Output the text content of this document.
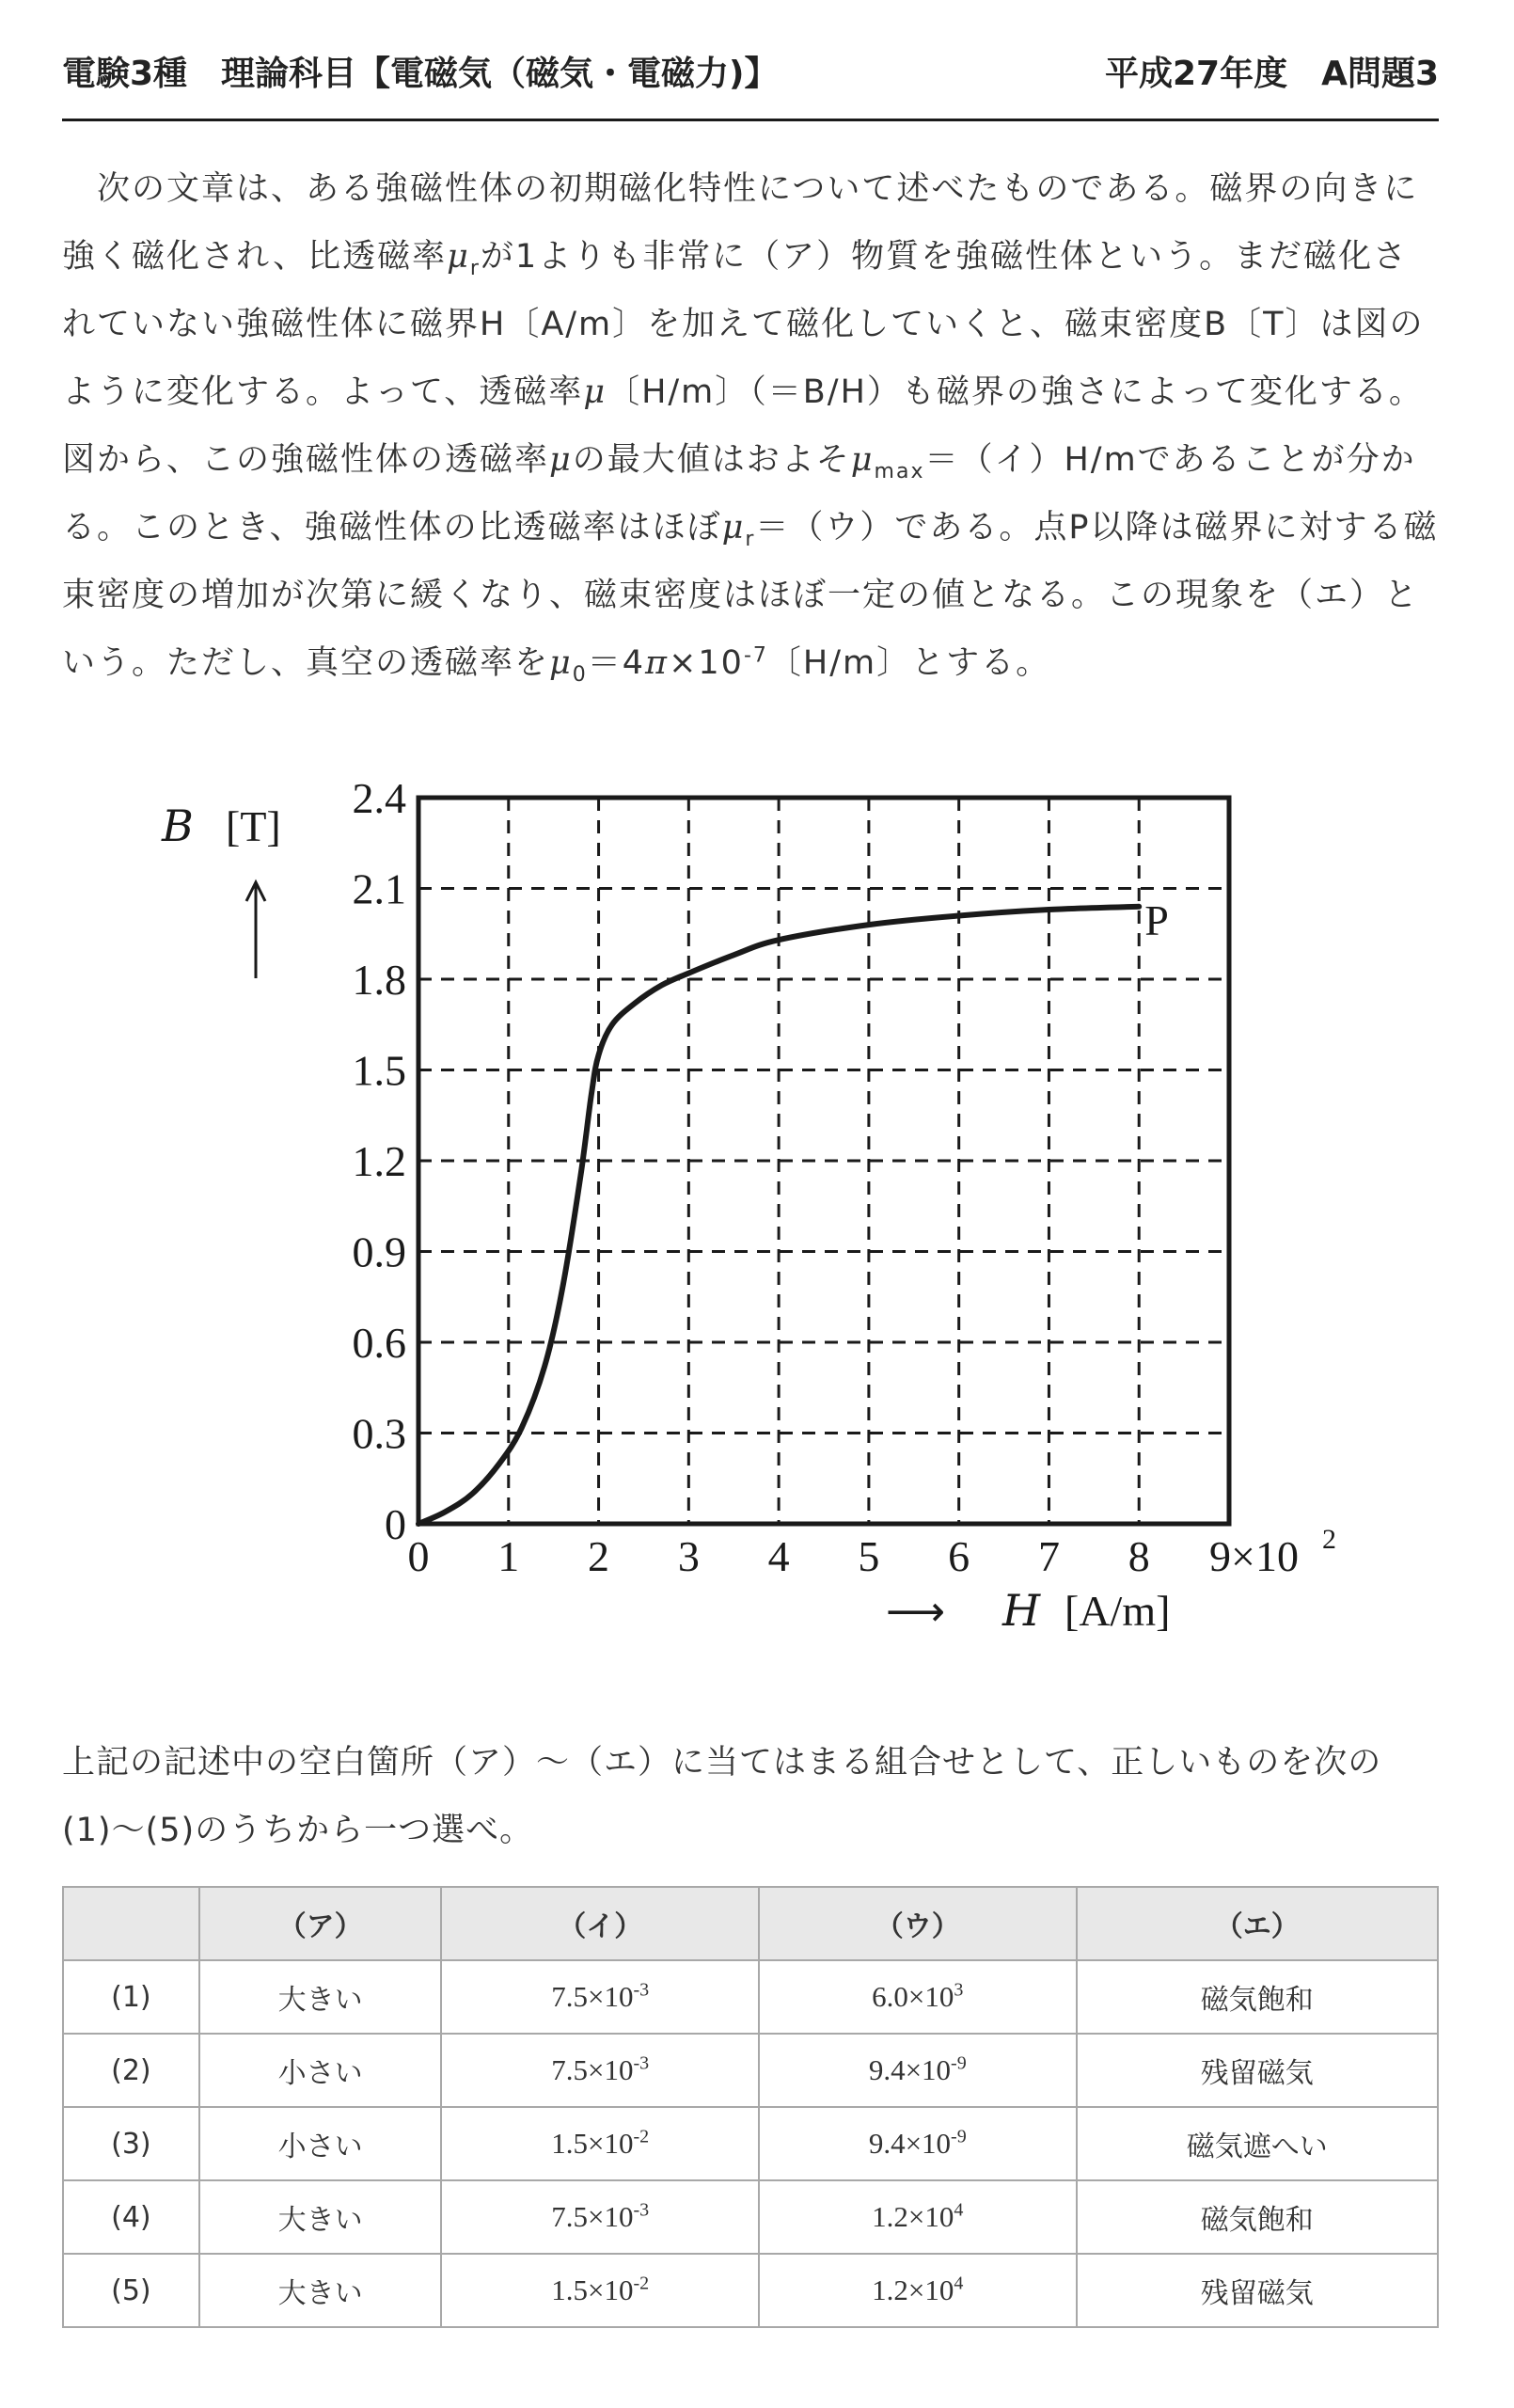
電験3種　理論科目【電磁気（磁気・電磁力)】	平成27年度　A問題3

　次の文章は、ある強磁性体の初期磁化特性について述べたものである。磁界の向きに強く磁化され、比透磁率$\mu_r$が1よりも非常に（ア）物質を強磁性体という。まだ磁化されていない強磁性体に磁界H〔A/m〕を加えて磁化していくと、磁束密度B〔T〕は図のように変化する。よって、透磁率μ〔H/m〕（＝B/H）も磁界の強さによって変化する。図から、この強磁性体の透磁率μの最大値はおよそ$\mu_{max}=$（イ）H/mであることが分かる。このとき、強磁性体の比透磁率はほぼ$\mu_r=$（ウ）である。点P以降は磁界に対する磁束密度の増加が次第に緩くなり、磁束密度はほぼ一定の値となる。この現象を（エ）という。ただし、真空の透磁率を$\mu_0=4\pi\times 10^{-7}$〔H/m〕とする。

P
0
0.3
0.6
0.9
1.2
1.5
1.8
2.1
2.4
0 1 2 3 4 5 6 7 8
B [T]
⟶ H [A/m]
9×10 2

上記の記述中の空白箇所（ア）～（エ）に当てはまる組合せとして、正しいものを次の

(1)～(5)のうちから一つ選べ。

	（ア）	（イ）	（ウ）	（エ）
(1)	大きい	$7.5\times 10^{-3}$	$6.0\times 10^3$	磁気飽和
(2)	小さい	$7.5\times 10^{-3}$	$9.4\times 10^{-9}$	残留磁気
(3)	小さい	$1.5\times 10^{-2}$	$9.4\times 10^{-9}$	磁気遮へい
(4)	大きい	$7.5\times 10^{-3}$	$1.2\times 10^4$	磁気飽和
(5)	大きい	$1.5\times 10^{-2}$	$1.2\times 10^4$	残留磁気
